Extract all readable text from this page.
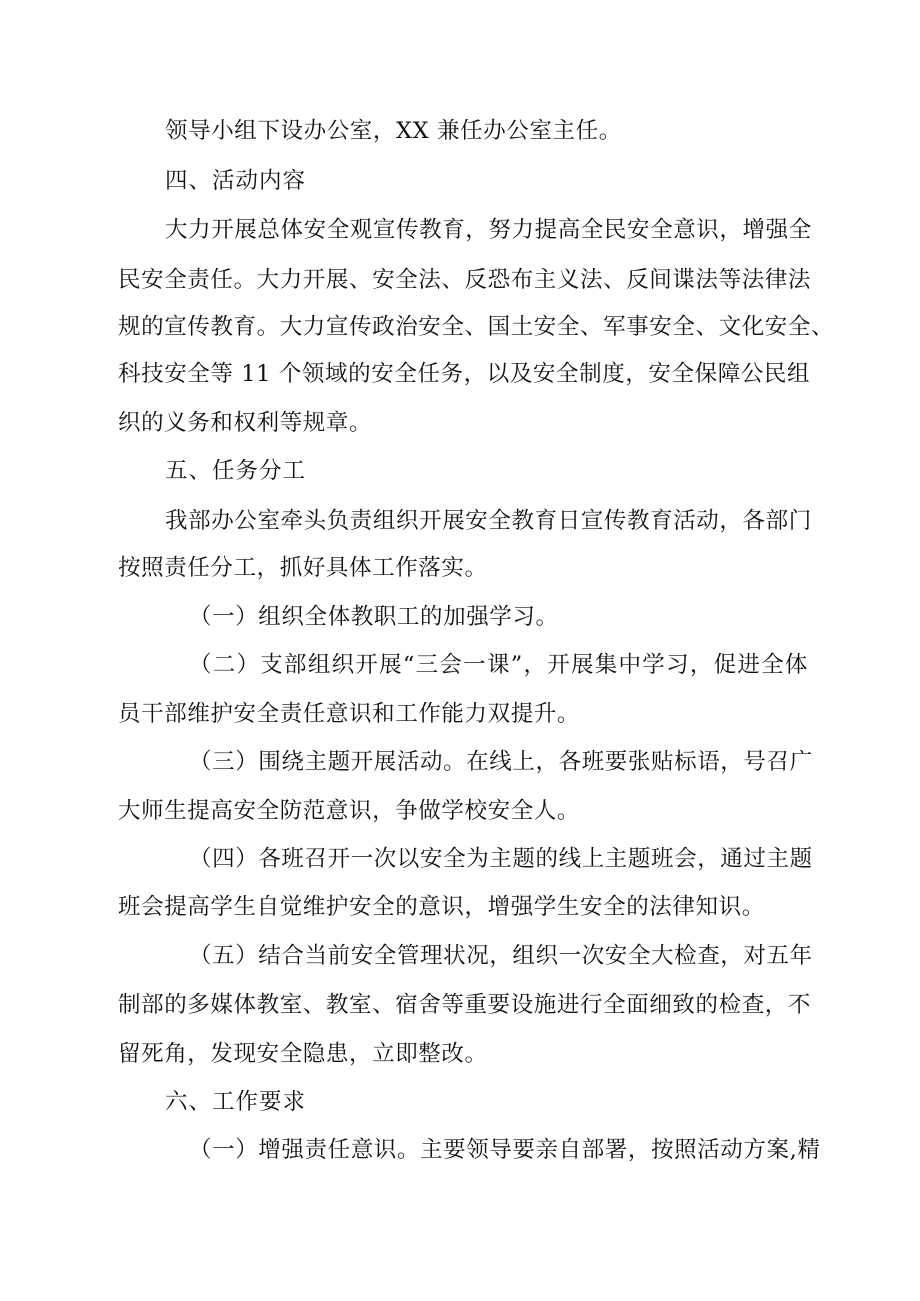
领导小组下设办公室，XX 兼任办公室主任。
四、活动内容
大力开展总体安全观宣传教育，努力提高全民安全意识，增强全
民安全责任。大力开展、安全法、反恐布主义法、反间谍法等法律法
规的宣传教育。大力宣传政治安全、国土安全、军事安全、文化安全、
科技安全等 11 个领域的安全任务，以及安全制度，安全保障公民组
织的义务和权利等规章。
五、任务分工
我部办公室牵头负责组织开展安全教育日宣传教育活动，各部门
按照责任分工，抓好具体工作落实。
（一）组织全体教职工的加强学习。
（二）支部组织开展“三会一课”，开展集中学习，促进全体
员干部维护安全责任意识和工作能力双提升。
（三）围绕主题开展活动。在线上，各班要张贴标语，号召广
大师生提高安全防范意识，争做学校安全人。
（四）各班召开一次以安全为主题的线上主题班会，通过主题
班会提高学生自觉维护安全的意识，增强学生安全的法律知识。
（五）结合当前安全管理状况，组织一次安全大检查，对五年
制部的多媒体教室、教室、宿舍等重要设施进行全面细致的检查，不
留死角，发现安全隐患，立即整改。
六、工作要求
（一）增强责任意识。主要领导要亲自部署，按照活动方案,精
